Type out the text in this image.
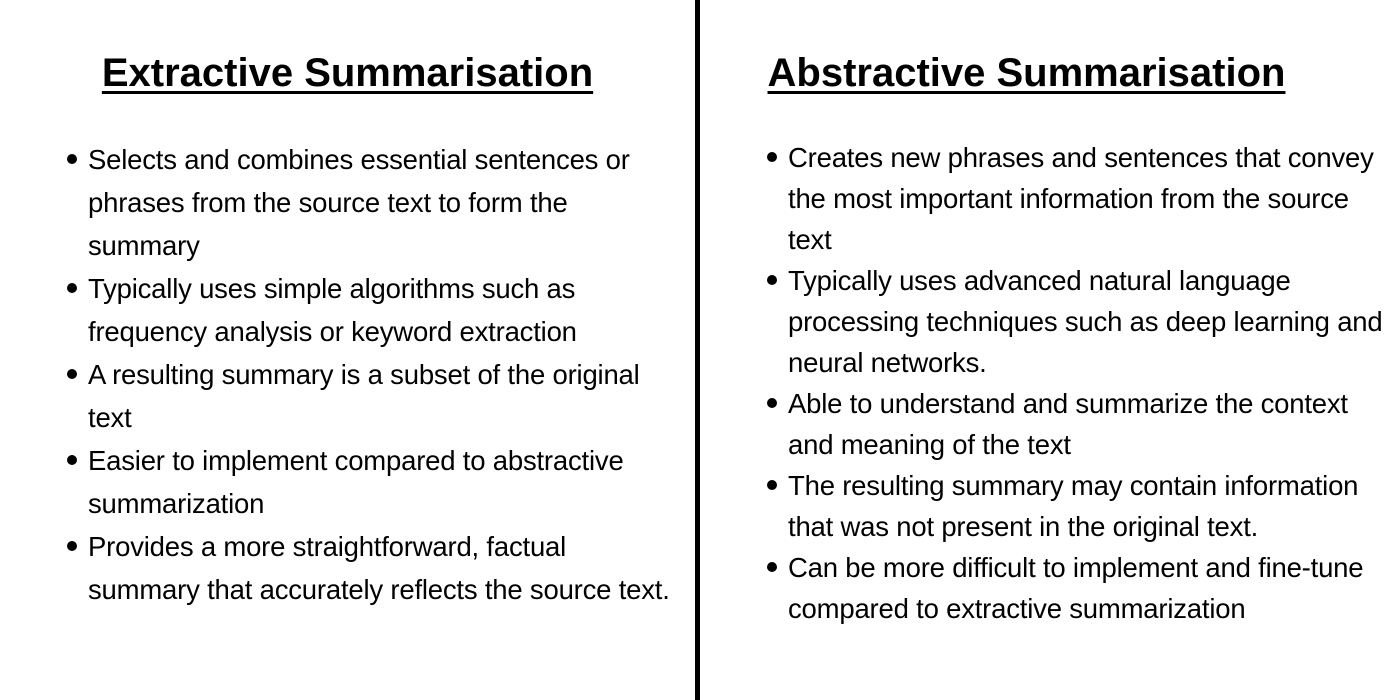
Extractive Summarisation
Selects and combines essential sentences or phrases from the source text to form the summary
Typically uses simple algorithms such as frequency analysis or keyword extraction
A resulting summary is a subset of the original text
Easier to implement compared to abstractive summarization
Provides a more straightforward, factual summary that accurately reflects the source text.
Abstractive Summarisation
Creates new phrases and sentences that convey the most important information from the source text
Typically uses advanced natural language processing techniques such as deep learning and neural networks.
Able to understand and summarize the context and meaning of the text
The resulting summary may contain information that was not present in the original text.
Can be more difficult to implement and fine-tune compared to extractive summarization
